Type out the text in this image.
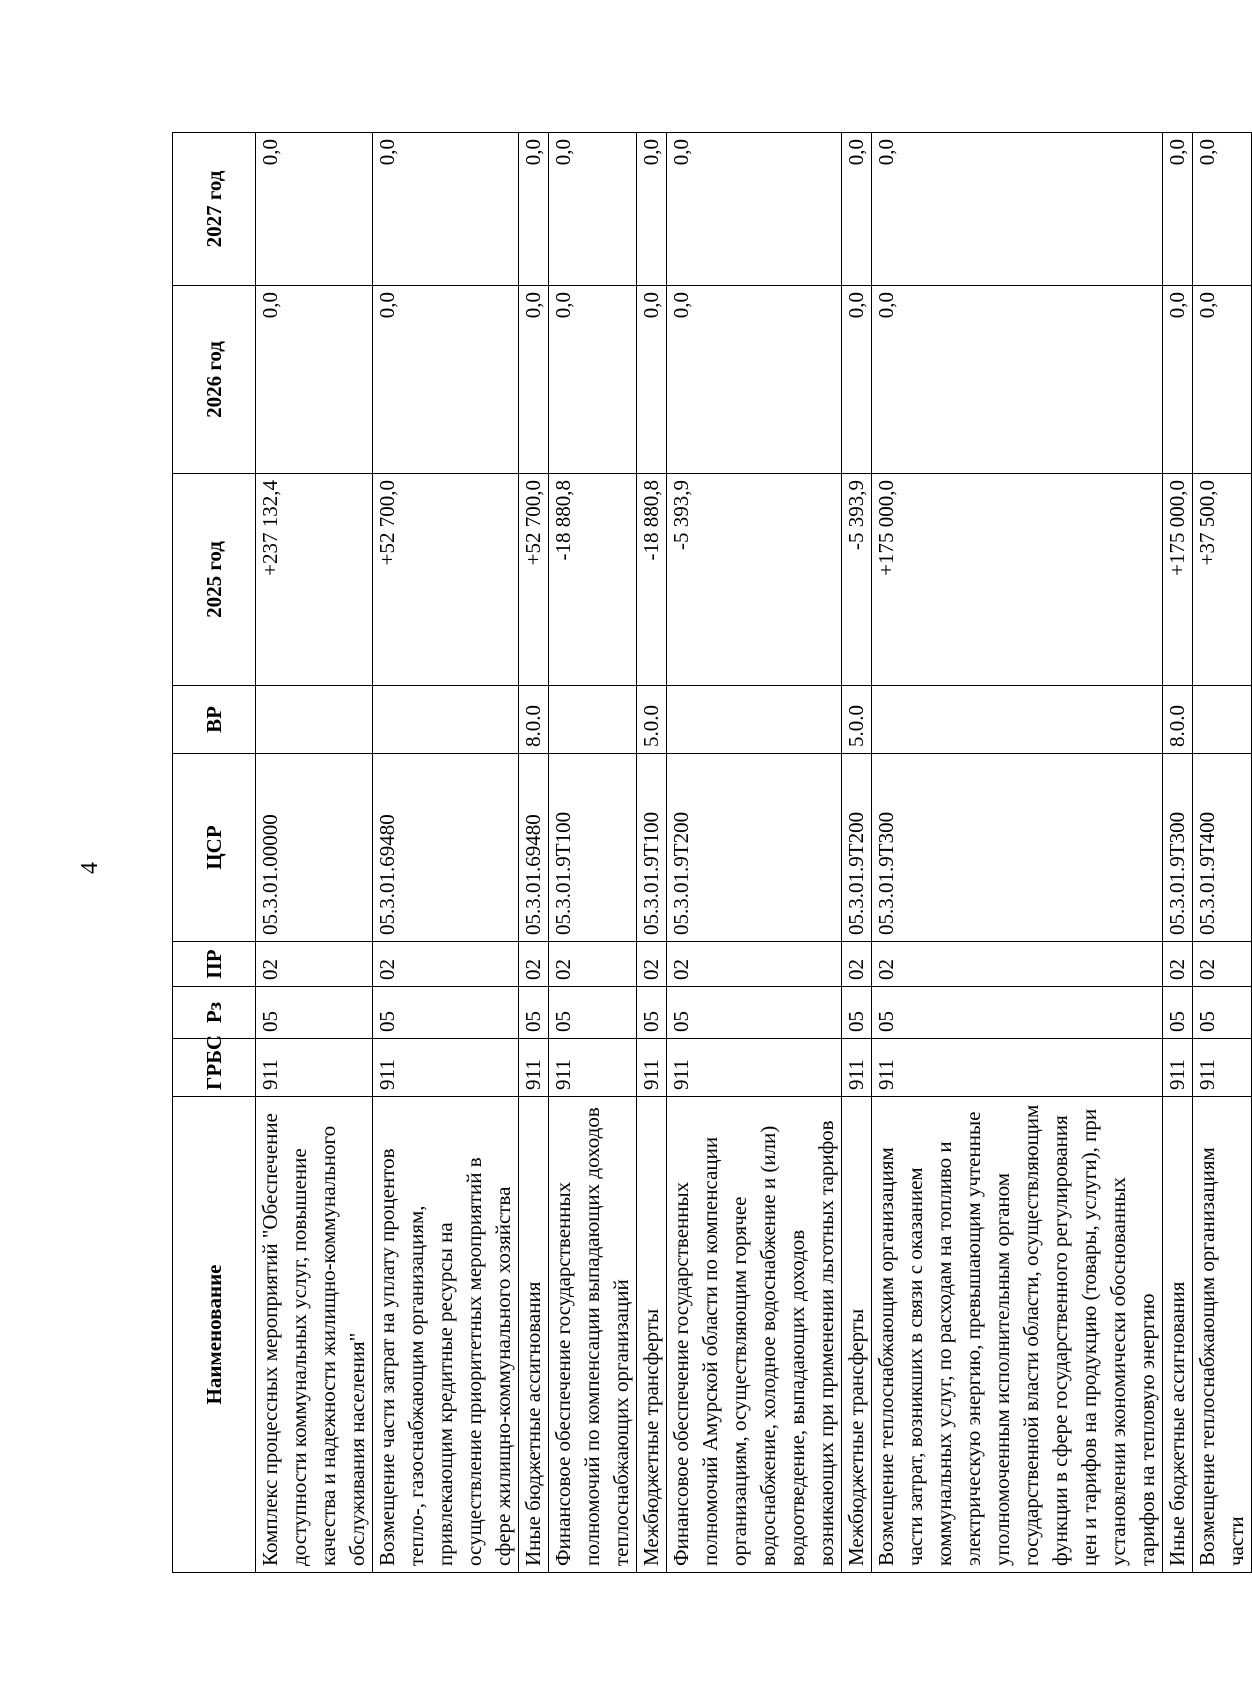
4
Наименование	ГРБС	Рз	ПР	ЦСР	ВР	2025 год	2026 год	2027 год
Комплекс процессных мероприятий "Обеспечение доступности коммунальных услуг, повышение качества и надежности жилищно-коммунального обслуживания населения"	911	05	02	05.3.01.00000		+237 132,4	0,0	0,0
Возмещение части затрат на уплату процентов тепло-, газоснабжающим организациям, привлекающим кредитные ресурсы на осуществление приоритетных мероприятий в сфере жилищно-коммунального хозяйства	911	05	02	05.3.01.69480		+52 700,0	0,0	0,0
Иные бюджетные ассигнования	911	05	02	05.3.01.69480	8.0.0	+52 700,0	0,0	0,0
Финансовое обеспечение государственных полномочий по компенсации выпадающих доходов теплоснабжающих организаций	911	05	02	05.3.01.9Т100		-18 880,8	0,0	0,0
Межбюджетные трансферты	911	05	02	05.3.01.9Т100	5.0.0	-18 880,8	0,0	0,0
Финансовое обеспечение государственных полномочий Амурской области по компенсации организациям, осуществляющим горячее водоснабжение, холодное водоснабжение и (или) водоотведение, выпадающих доходов возникающих при применении льготных тарифов	911	05	02	05.3.01.9Т200		-5 393,9	0,0	0,0
Межбюджетные трансферты	911	05	02	05.3.01.9Т200	5.0.0	-5 393,9	0,0	0,0
Возмещение теплоснабжающим организациям части затрат, возникших в связи с оказанием коммунальных услуг, по расходам на топливо и электрическую энергию, превышающим учтенные уполномоченным исполнительным органом государственной власти области, осуществляющим функции в сфере государственного регулирования цен и тарифов на продукцию (товары, услуги), при установлении экономически обоснованных тарифов на тепловую энергию	911	05	02	05.3.01.9Т300		+175 000,0	0,0	0,0
Иные бюджетные ассигнования	911	05	02	05.3.01.9Т300	8.0.0	+175 000,0	0,0	0,0
Возмещение теплоснабжающим организациям части	911	05	02	05.3.01.9Т400		+37 500,0	0,0	0,0
